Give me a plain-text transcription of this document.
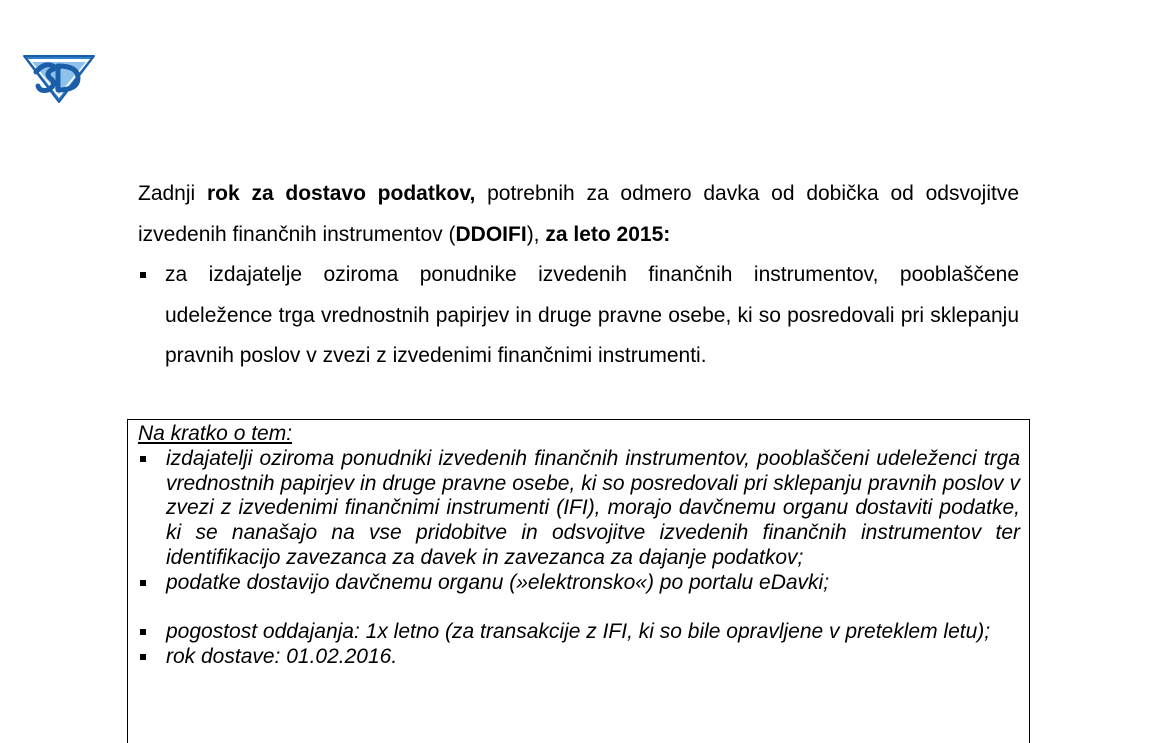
Zadnji rok za dostavo podatkov, potrebnih za odmero davka od dobička od odsvojitve izvedenih finančnih instrumentov (DDOIFI), za leto 2015:
za izdajatelje oziroma ponudnike izvedenih finančnih instrumentov, pooblaščene udeležence trga vrednostnih papirjev in druge pravne osebe, ki so posredovali pri sklepanju pravnih poslov v zvezi z izvedenimi finančnimi instrumenti.
Na kratko o tem:
izdajatelji oziroma ponudniki izvedenih finančnih instrumentov, pooblaščeni udeleženci trga vrednostnih papirjev in druge pravne osebe, ki so posredovali pri sklepanju pravnih poslov v zvezi z izvedenimi finančnimi instrumenti (IFI), morajo davčnemu organu dostaviti podatke, ki se nanašajo na vse pridobitve in odsvojitve izvedenih finančnih instrumentov ter identifikacijo zavezanca za davek in zavezanca za dajanje podatkov;
podatke dostavijo davčnemu organu (»elektronsko«) po portalu eDavki;
pogostost oddajanja: 1x letno (za transakcije z IFI, ki so bile opravljene v preteklem letu);
rok dostave: 01.02.2016.
